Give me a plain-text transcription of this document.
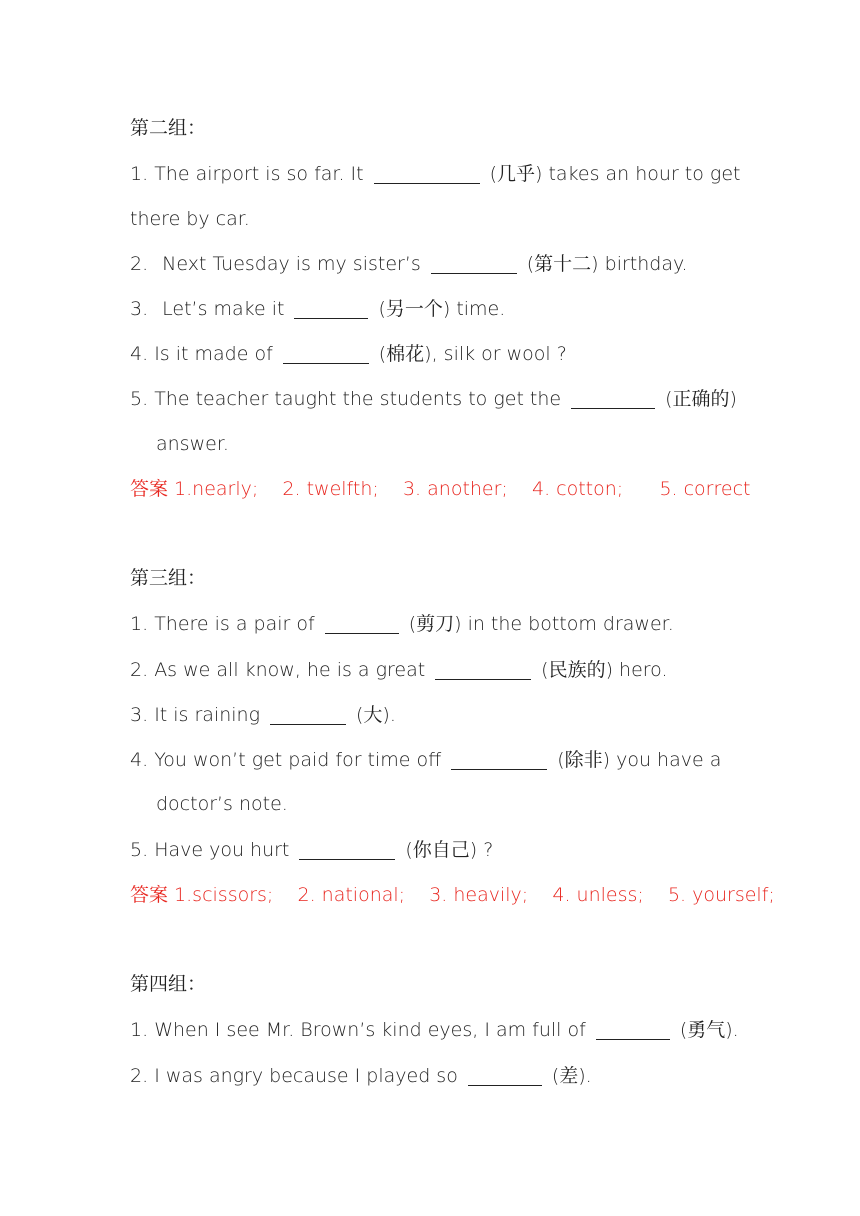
第二组：
1. The airport is so far. It	(几乎) takes an hour to get
there by car.
2. Next Tuesday is my sister’s	(第十二) birthday.
3. Let’s make it	(另一个) time.
4. Is it made of	(棉花), silk or wool ?
5. The teacher taught the students to get the	(正确的)
answer.
答案 1.nearly;    2. twelfth;    3. another;    4. cotton;      5. correct
第三组：
1. There is a pair of	(剪刀) in the bottom drawer.
2. As we all know, he is a great	(民族的) hero.
3. It is raining	(大).
4. You won’t get paid for time off	(除非) you have a
doctor’s note.
5. Have you hurt	(你自己) ?
答案 1.scissors;    2. national;    3. heavily;    4. unless;    5. yourself;
第四组：
1. When I see Mr. Brown’s kind eyes, I am full of	(勇气).
2. I was angry because I played so	(差).
